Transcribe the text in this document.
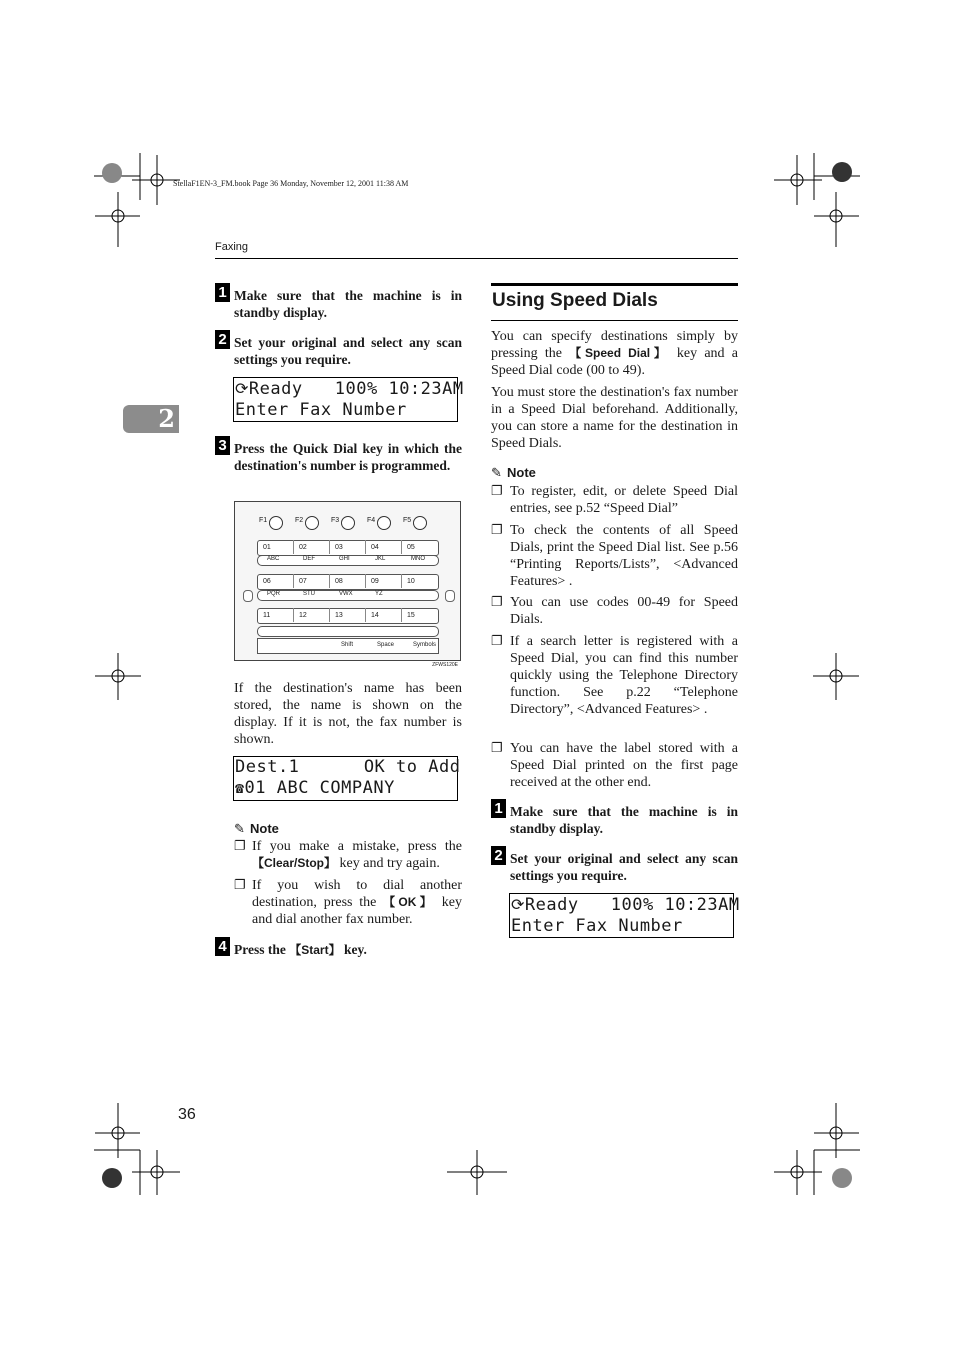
StellaF1EN-3_FM.book Page 36 Monday, November 12, 2001 11:38 AM
Faxing
2
1 Make sure that the machine is in standby display.
2 Set your original and select any scan settings you require.
⟳Ready   100% 10:23AM
Enter Fax Number
3 Press the Quick Dial key in which the destination's number is programmed.
F1	F2	F3	F4	F5
01	02	03	04	05
ABC	DEF	GHI	JKL	MNO
06	07	08	09	10
PQR	STU	VWX	YZ
11	12	13	14	15
Shift	Space	Symbols
ZFWS120E
If the destination's name has been stored, the name is shown on the display. If it is not, the fax number is shown.
Dest.1      OK to Add
☎01 ABC COMPANY
✎ Note
❐ If you make a mistake, press the 【Clear/Stop】 key and try again.
❐ If you wish to dial another destination, press the 【OK】 key and dial another fax number.
4 Press the 【Start】 key.
Using Speed Dials
You can specify destinations simply by pressing the 【Speed Dial】 key and a Speed Dial code (00 to 49).
You must store the destination's fax number in a Speed Dial beforehand. Additionally, you can store a name for the destination in Speed Dials.
✎ Note
❐ To register, edit, or delete Speed Dial entries, see p.52 “Speed Dial”
❐ To check the contents of all Speed Dials, print the Speed Dial list. See p.56 “Printing Reports/Lists”, <Advanced Features> .
❐ You can use codes 00-49 for Speed Dials.
❐ If a search letter is registered with a Speed Dial, you can find this number quickly using the Telephone Directory function. See p.22 “Telephone Directory”, <Advanced Features> .
❐ You can have the label stored with a Speed Dial printed on the first page received at the other end.
1 Make sure that the machine is in standby display.
2 Set your original and select any scan settings you require.
⟳Ready   100% 10:23AM
Enter Fax Number
36
